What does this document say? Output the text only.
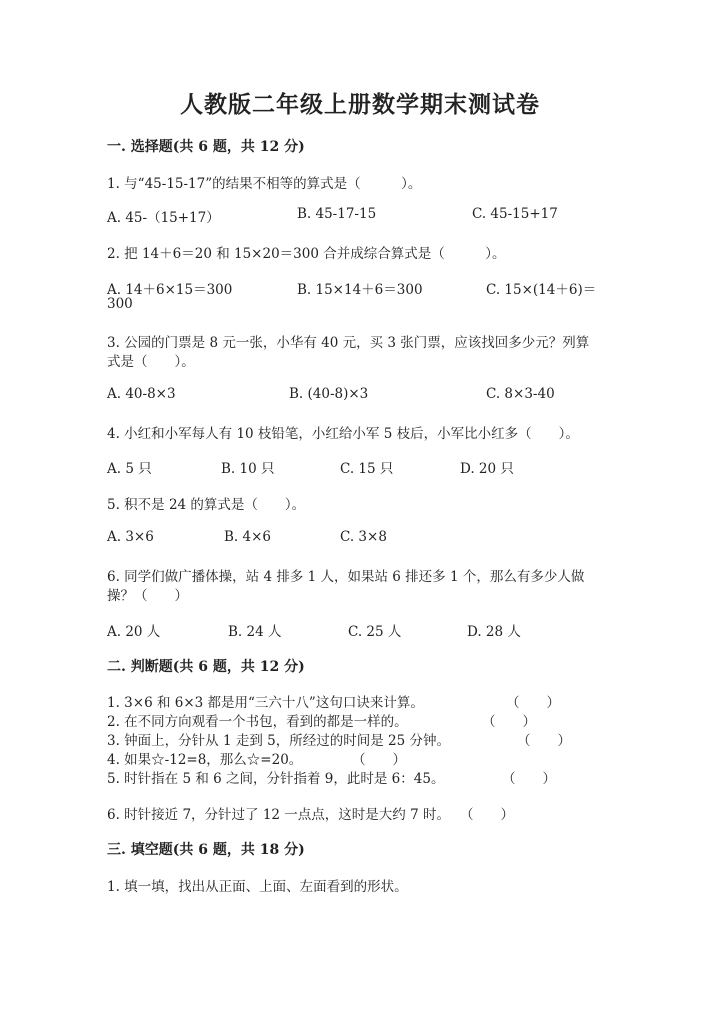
人教版二年级上册数学期末测试卷
一. 选择题(共 6 题，共 12 分)
1. 与“45-15-17”的结果不相等的算式是（　　　）。
A. 45-（15+17）	B. 45-17-15	C. 45-15+17
2. 把 14＋6＝20 和 15×20＝300 合并成综合算式是（　　　）。
A. 14＋6×15＝300	B. 15×14＋6＝300	C. 15×(14＋6)＝
300
3. 公园的门票是 8 元一张，小华有 40 元，买 3 张门票，应该找回多少元？列算
式是（　　）。
A. 40-8×3	B. (40-8)×3	C. 8×3-40
4. 小红和小军每人有 10 枝铅笔，小红给小军 5 枝后，小军比小红多（　　）。
A. 5 只	B. 10 只	C. 15 只	D. 20 只
5. 积不是 24 的算式是（　　）。
A. 3×6	B. 4×6	C. 3×8
6. 同学们做广播体操，站 4 排多 1 人，如果站 6 排还多 1 个，那么有多少人做
操？（　　）
A. 20 人	B. 24 人	C. 25 人	D. 28 人
二. 判断题(共 6 题，共 12 分)
1. 3×6 和 6×3 都是用“三六十八”这句口诀来计算。	（　　）
2. 在不同方向观看一个书包，看到的都是一样的。	（　　）
3. 钟面上，分针从 1 走到 5，所经过的时间是 25 分钟。	（　　）
4. 如果☆-12=8，那么☆=20。	（　　）
5. 时针指在 5 和 6 之间，分针指着 9，此时是 6：45。	（　　）
6. 时针接近 7，分针过了 12 一点点，这时是大约 7 时。 （　　）
三. 填空题(共 6 题，共 18 分)
1. 填一填，找出从正面、上面、左面看到的形状。
